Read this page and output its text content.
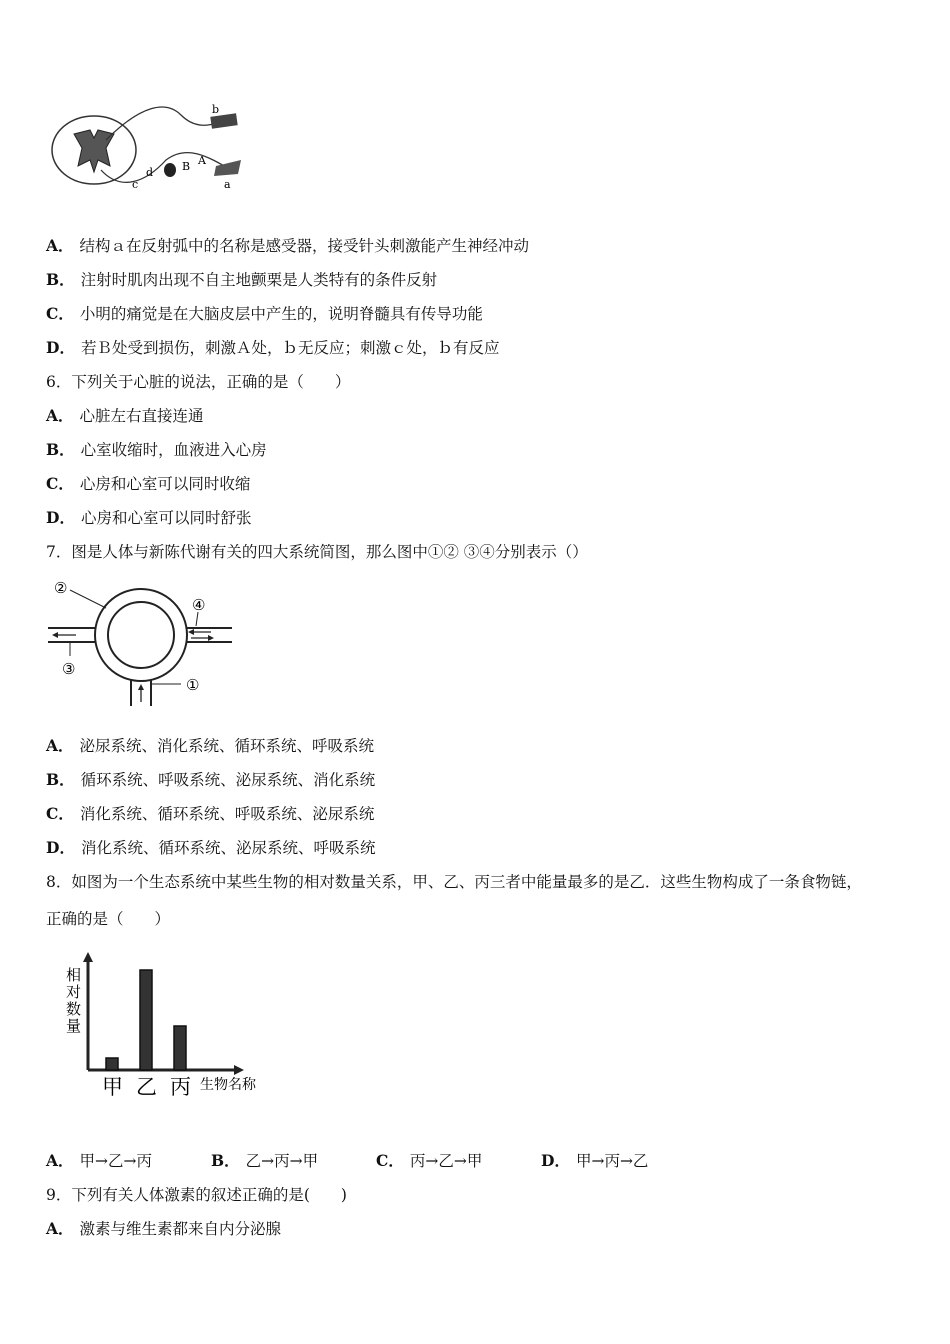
b
a
c
d
A
B
A． 结构ａ在反射弧中的名称是感受器，接受针头刺激能产生神经冲动
B． 注射时肌肉出现不自主地颤栗是人类特有的条件反射
C． 小明的痛觉是在大脑皮层中产生的，说明脊髓具有传导功能
D． 若Ｂ处受到损伤，刺激Ａ处，ｂ无反应；刺激ｃ处，ｂ有反应
6．下列关于心脏的说法，正确的是（　　）
A． 心脏左右直接连通
B． 心室收缩时，血液进入心房
C． 心房和心室可以同时收缩
D． 心房和心室可以同时舒张
7．图是人体与新陈代谢有关的四大系统简图，那么图中①② ③④分别表示（）
②
③
④
①
A． 泌尿系统、消化系统、循环系统、呼吸系统
B． 循环系统、呼吸系统、泌尿系统、消化系统
C． 消化系统、循环系统、呼吸系统、泌尿系统
D． 消化系统、循环系统、泌尿系统、呼吸系统
8．如图为一个生态系统中某些生物的相对数量关系，甲、乙、丙三者中能量最多的是乙．这些生物构成了一条食物链，
正确的是（　　）
相
对
数
量
甲 乙 丙 生物名称
A． 甲→乙→丙	B． 乙→丙→甲	C． 丙→乙→甲	D． 甲→丙→乙
9．下列有关人体激素的叙述正确的是(　　)
A． 激素与维生素都来自内分泌腺
